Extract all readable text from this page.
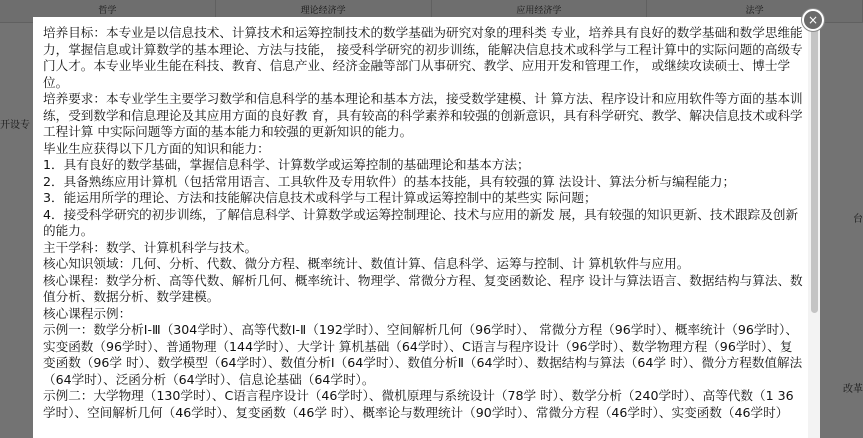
培养目标：本专业是以信息技术、计算技术和运筹控制技术的数学基础为研究对象的理科类 专业，培养具有良好的数学基础和数学思维能力，掌握信息或计算数学的基本理论、方法与技能， 接受科学研究的初步训练，能解决信息技术或科学与工程计算中的实际问题的高级专门人才。本专业毕业生能在科技、教育、信息产业、经济金融等部门从事研究、教学、应用开发和管理工作， 或继续攻读硕士、博士学位。

培养要求：本专业学生主要学习数学和信息科学的基本理论和基本方法，接受数学建模、计 算方法、程序设计和应用软件等方面的基本训练，受到数学和信息理论及其应用方面的良好教 育，具有较高的科学素养和较强的创新意识，具有科学研究、教学、解决信息技术或科学工程计算 中实际问题等方面的基本能力和较强的更新知识的能力。

毕业生应获得以下几方面的知识和能力：

1．具有良好的数学基础，掌握信息科学、计算数学或运筹控制的基础理论和基本方法；

2．具备熟练应用计算机（包括常用语言、工具软件及专用软件）的基本技能，具有较强的算 法设计、算法分析与编程能力；

3．能运用所学的理论、方法和技能解决信息技术或科学与工程计算或运筹控制中的某些实 际问题；

4．接受科学研究的初步训练，了解信息科学、计算数学或运筹控制理论、技术与应用的新发 展，具有较强的知识更新、技术跟踪及创新的能力。

主干学科：数学、计算机科学与技术。

核心知识领域：几何、分析、代数、微分方程、概率统计、数值计算、信息科学、运筹与控制、计 算机软件与应用。

核心课程：数学分析、高等代数、解析几何、概率统计、物理学、常微分方程、复变函数论、程序 设计与算法语言、数据结构与算法、数值分析、数据分析、数学建模。

核心课程示例：

示例一：数学分析I-Ⅲ（304学时）、高等代数I-Ⅱ（192学时）、空间解析几何（96学时）、 常微分方程（96学时）、概率统计（96学时）、实变函数（96学时）、普通物理（144学时）、大学计 算机基础（64学时）、C语言与程序设计（96学时）、数学物理方程（96学时）、复变函数（96学 时）、数学模型（64学时）、数值分析Ⅰ（64学时）、数值分析Ⅱ（64学时）、数据结构与算法（64学 时）、微分方程数值解法（64学时）、泛函分析（64学时）、信息论基础（64学时）。

示例二：大学物理（130学时）、C语言程序设计（46学时）、微机原理与系统设计（78学 时）、数学分析（240学时）、高等代数（1 36学时）、空间解析几何（46学时）、复变函数（46学 时）、概率论与数理统计（90学时）、常微分方程（46学时）、实变函数（46学时）

×
